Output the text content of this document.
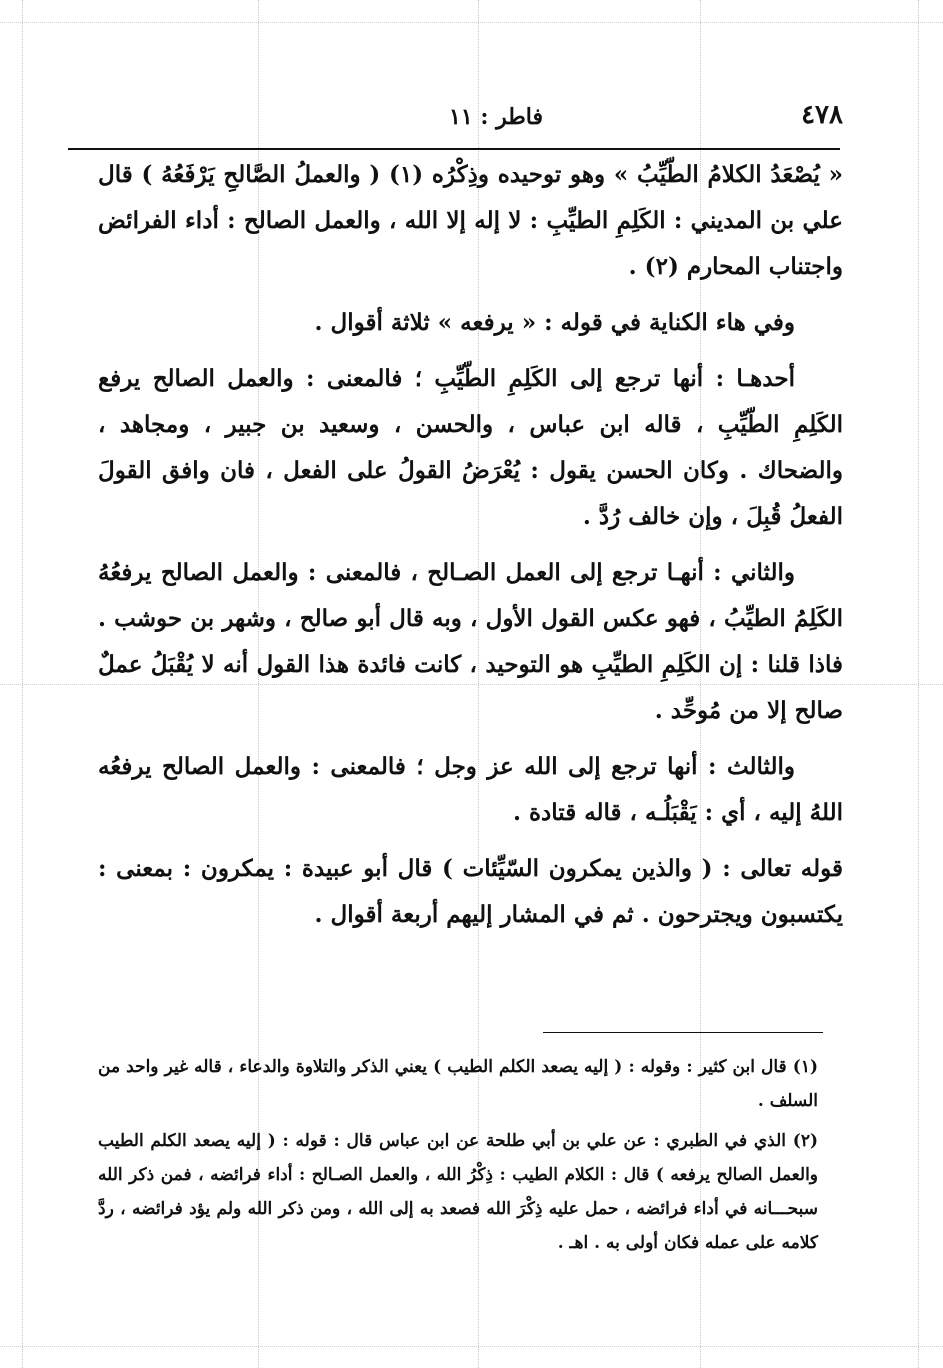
٤٧٨
فاطر : ١١

« يُصْعَدُ الكلامُ الطّيِّبُ » وهو توحيده وذِكْرُه (١) ( والعملُ الصَّالحِ يَرْفَعُهُ ) قال علي بن المديني : الكَلِمِ الطيِّبِ : لا إله إلا الله ، والعمل الصالح : أداء الفرائض واجتناب المحارم (٢) .

وفي هاء الكناية في قوله : « يرفعه » ثلاثة أقوال .

أحدهـا : أنها ترجع إلى الكَلِمِ الطّيِّبِ ؛ فالمعنى : والعمل الصالح يرفع الكَلِمِ الطّيِّبِ ، قاله ابن عباس ، والحسن ، وسعيد بن جبير ، ومجاهد ، والضحاك . وكان الحسن يقول : يُعْرَضُ القولُ على الفعل ، فان وافق القولَ الفعلُ قُبِلَ ، وإن خالف رُدَّ .

والثاني : أنهـا ترجع إلى العمل الصـالح ، فالمعنى : والعمل الصالح يرفعُهُ الكَلِمُ الطيِّبُ ، فهو عكس القول الأول ، وبه قال أبو صالح ، وشهر بن حوشب . فاذا قلنا : إن الكَلِمِ الطيِّبِ هو التوحيد ، كانت فائدة هذا القول أنه لا يُقْبَلُ عملٌ صالح إلا من مُوحِّد .

والثالث : أنها ترجع إلى الله عز وجل ؛ فالمعنى : والعمل الصالح يرفعُه اللهُ إليه ، أي : يَقْبَلُـه ، قاله قتادة .

قوله تعالى : ( والذين يمكرون السّيِّئات ) قال أبو عبيدة : يمكرون : بمعنى : يكتسبون ويجترحون . ثم في المشار إليهم أربعة أقوال .

(١) قال ابن كثير : وقوله : ( إليه يصعد الكلم الطيب ) يعني الذكر والتلاوة والدعاء ، قاله غير واحد من السلف .

(٢) الذي في الطبري : عن علي بن أبي طلحة عن ابن عباس قال : قوله : ( إليه يصعد الكلم الطيب والعمل الصالح يرفعه ) قال : الكلام الطيب : ذِكْرُ الله ، والعمل الصـالح : أداء فرائضه ، فمن ذكر الله سبحـــانه في أداء فرائضه ، حمل عليه ذِكْرَ الله فصعد به إلى الله ، ومن ذكر الله ولم يؤد فرائضه ، ردَّ كلامه على عمله فكان أولى به . اهـ .
